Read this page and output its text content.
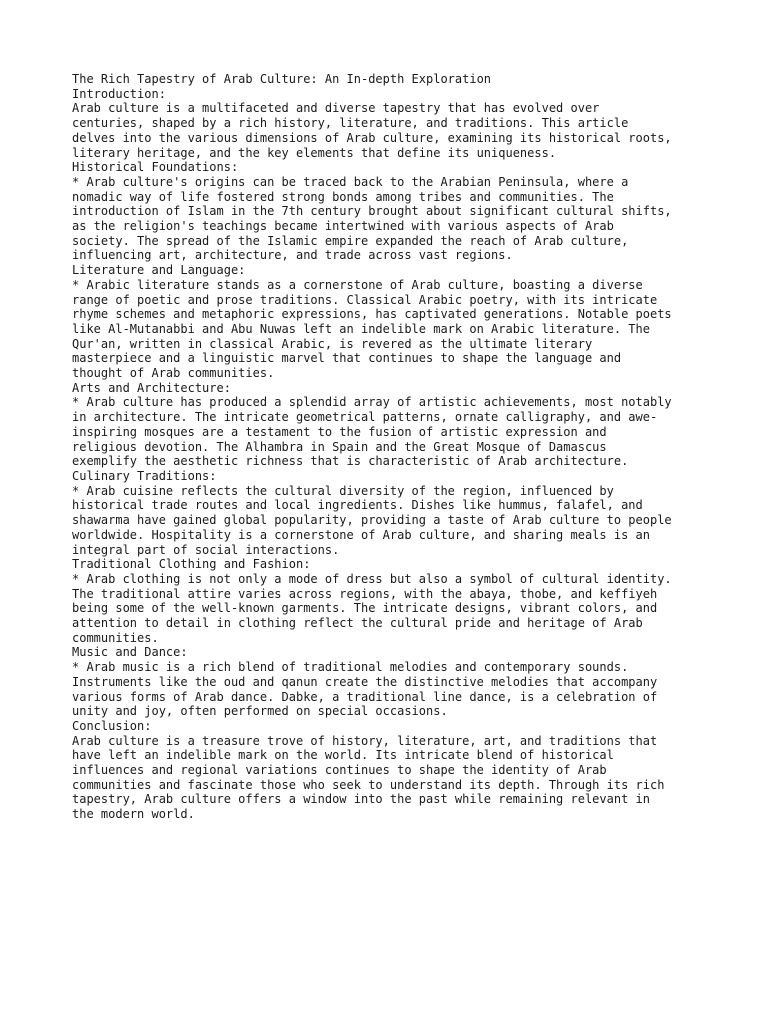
The Rich Tapestry of Arab Culture: An In-depth Exploration
Introduction:
Arab culture is a multifaceted and diverse tapestry that has evolved over
centuries, shaped by a rich history, literature, and traditions. This article
delves into the various dimensions of Arab culture, examining its historical roots,
literary heritage, and the key elements that define its uniqueness.
Historical Foundations:
* Arab culture's origins can be traced back to the Arabian Peninsula, where a
nomadic way of life fostered strong bonds among tribes and communities. The
introduction of Islam in the 7th century brought about significant cultural shifts,
as the religion's teachings became intertwined with various aspects of Arab
society. The spread of the Islamic empire expanded the reach of Arab culture,
influencing art, architecture, and trade across vast regions.
Literature and Language:
* Arabic literature stands as a cornerstone of Arab culture, boasting a diverse
range of poetic and prose traditions. Classical Arabic poetry, with its intricate
rhyme schemes and metaphoric expressions, has captivated generations. Notable poets
like Al-Mutanabbi and Abu Nuwas left an indelible mark on Arabic literature. The
Qur'an, written in classical Arabic, is revered as the ultimate literary
masterpiece and a linguistic marvel that continues to shape the language and
thought of Arab communities.
Arts and Architecture:
* Arab culture has produced a splendid array of artistic achievements, most notably
in architecture. The intricate geometrical patterns, ornate calligraphy, and awe-
inspiring mosques are a testament to the fusion of artistic expression and
religious devotion. The Alhambra in Spain and the Great Mosque of Damascus
exemplify the aesthetic richness that is characteristic of Arab architecture.
Culinary Traditions:
* Arab cuisine reflects the cultural diversity of the region, influenced by
historical trade routes and local ingredients. Dishes like hummus, falafel, and
shawarma have gained global popularity, providing a taste of Arab culture to people
worldwide. Hospitality is a cornerstone of Arab culture, and sharing meals is an
integral part of social interactions.
Traditional Clothing and Fashion:
* Arab clothing is not only a mode of dress but also a symbol of cultural identity.
The traditional attire varies across regions, with the abaya, thobe, and keffiyeh
being some of the well-known garments. The intricate designs, vibrant colors, and
attention to detail in clothing reflect the cultural pride and heritage of Arab
communities.
Music and Dance:
* Arab music is a rich blend of traditional melodies and contemporary sounds.
Instruments like the oud and qanun create the distinctive melodies that accompany
various forms of Arab dance. Dabke, a traditional line dance, is a celebration of
unity and joy, often performed on special occasions.
Conclusion:
Arab culture is a treasure trove of history, literature, art, and traditions that
have left an indelible mark on the world. Its intricate blend of historical
influences and regional variations continues to shape the identity of Arab
communities and fascinate those who seek to understand its depth. Through its rich
tapestry, Arab culture offers a window into the past while remaining relevant in
the modern world.
